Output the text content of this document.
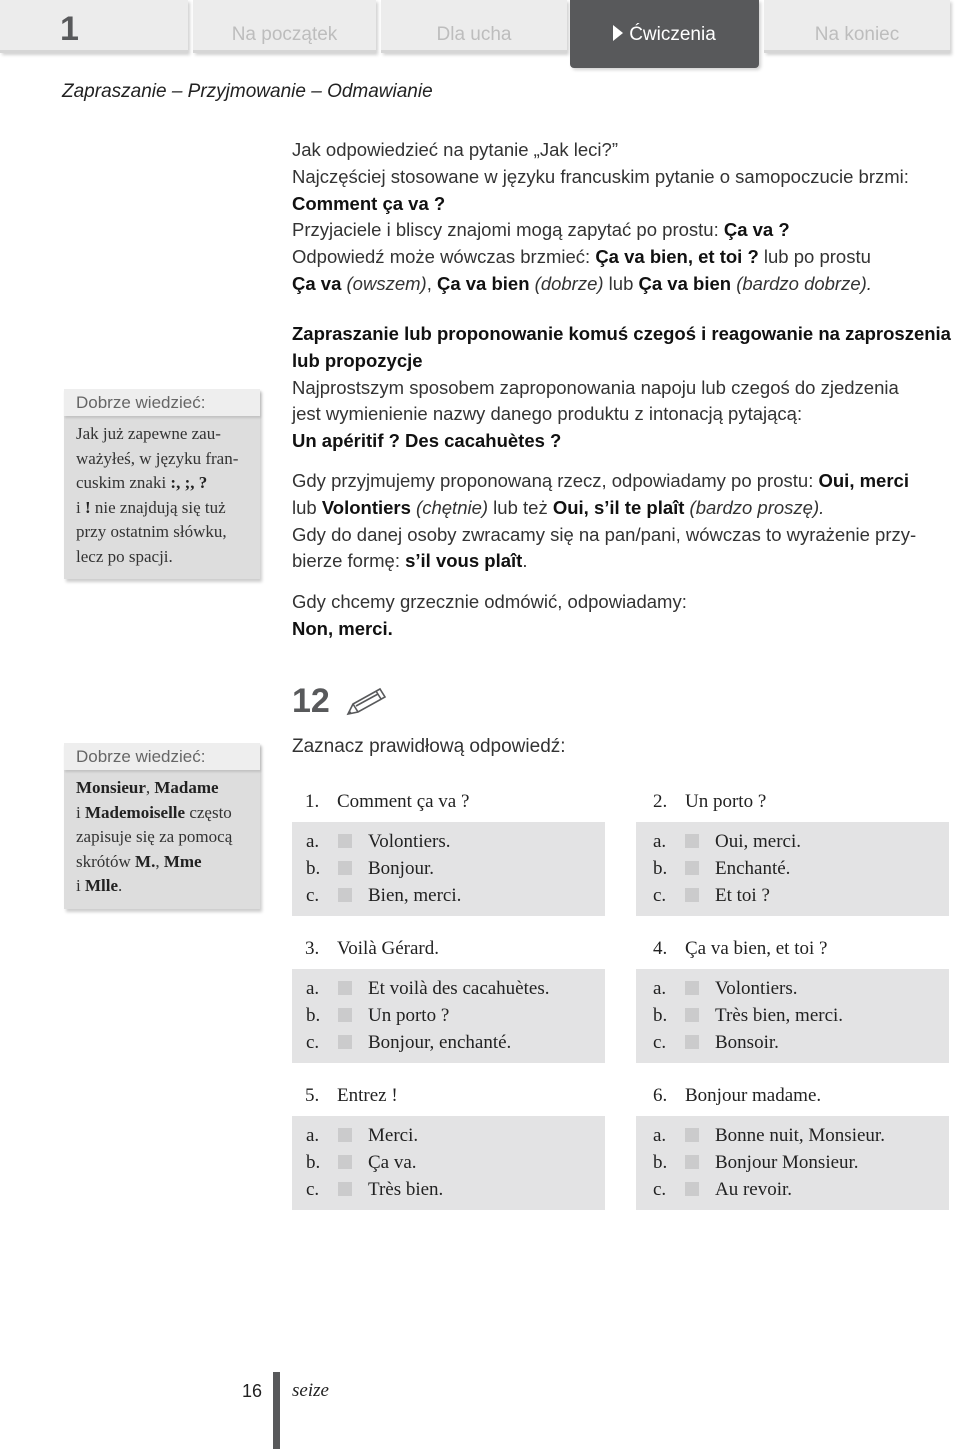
1	Na początek	Dla ucha	Ćwiczenia	Na koniec
Zapraszanie – Przyjmowanie – Odmawianie
Jak odpowiedzieć na pytanie „Jak leci?”
Najczęściej stosowane w języku francuskim pytanie o samopoczucie brzmi:
Comment ça va ?
Przyjaciele i bliscy znajomi mogą zapytać po prostu: Ça va ?
Odpowiedź może wówczas brzmieć: Ça va bien, et toi ? lub po prostu
Ça va (owszem), Ça va bien (dobrze) lub Ça va bien (bardzo dobrze).
Zapraszanie lub proponowanie komuś czegoś i reagowanie na zaproszenia
lub propozycje
Najprostszym sposobem zaproponowania napoju lub czegoś do zjedzenia
jest wymienienie nazwy danego produktu z intonacją pytającą:
Un apéritif ? Des cacahuètes ?
Gdy przyjmujemy proponowaną rzecz, odpowiadamy po prostu: Oui, merci
lub Volontiers (chętnie) lub też Oui, s’il te plaît (bardzo proszę).
Gdy do danej osoby zwracamy się na pan/pani, wówczas to wyrażenie przy-
bierze formę: s’il vous plaît.
Gdy chcemy grzecznie odmówić, odpowiadamy:
Non, merci.
Dobrze wiedzieć:
Jak już zapewne zau-
ważyłeś, w języku fran-
cuskim znaki :, ;, ?
i ! nie znajdują się tuż
przy ostatnim słówku,
lecz po spacji.
Dobrze wiedzieć:
Monsieur, Madame
i Mademoiselle często
zapisuje się za pomocą
skrótów M., Mme
i Mlle.
12
Zaznacz prawidłową odpowiedź:
1. Comment ça va ?
a.	Volontiers.
b.	Bonjour.
c.	Bien, merci.
2. Un porto ?
a.	Oui, merci.
b.	Enchanté.
c.	Et toi ?
3. Voilà Gérard.
a.	Et voilà des cacahuètes.
b.	Un porto ?
c.	Bonjour, enchanté.
4. Ça va bien, et toi ?
a.	Volontiers.
b.	Très bien, merci.
c.	Bonsoir.
5. Entrez !
a.	Merci.
b.	Ça va.
c.	Très bien.
6. Bonjour madame.
a.	Bonne nuit, Monsieur.
b.	Bonjour Monsieur.
c.	Au revoir.
16 seize
